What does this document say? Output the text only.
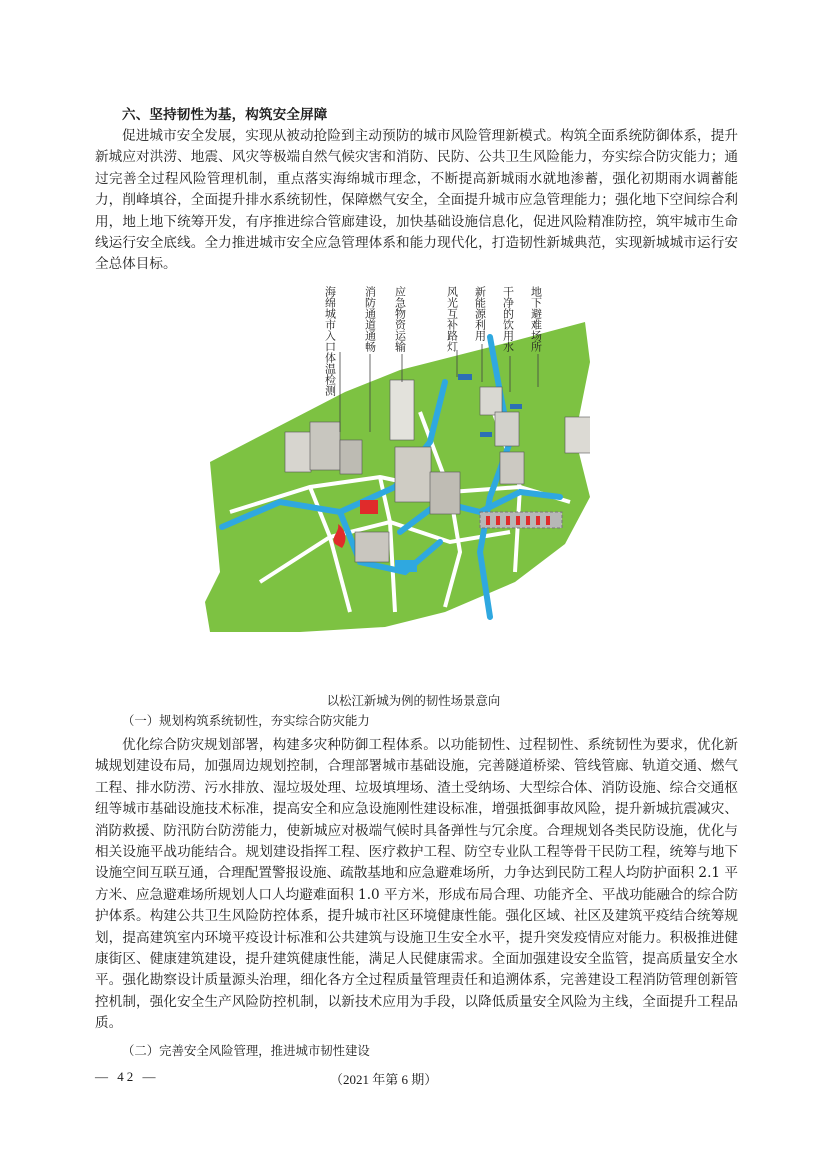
六、坚持韧性为基，构筑安全屏障

促进城市安全发展，实现从被动抢险到主动预防的城市风险管理新模式。构筑全面系统防御体系，提升新城应对洪涝、地震、风灾等极端自然气候灾害和消防、民防、公共卫生风险能力，夯实综合防灾能力；通过完善全过程风险管理机制，重点落实海绵城市理念，不断提高新城雨水就地渗蓄，强化初期雨水调蓄能力，削峰填谷，全面提升排水系统韧性，保障燃气安全，全面提升城市应急管理能力；强化地下空间综合利用，地上地下统筹开发，有序推进综合管廊建设，加快基础设施信息化，促进风险精准防控，筑牢城市生命线运行安全底线。全力推进城市安全应急管理体系和能力现代化，打造韧性新城典范，实现新城城市运行安全总体目标。

海绵城市入口体温检测 消防通道通畅 应急物资运输	风光互补路灯 新能源利用 干净的饮用水 地下避难场所
以松江新城为例的韧性场景意向
（一）规划构筑系统韧性，夯实综合防灾能力

优化综合防灾规划部署，构建多灾种防御工程体系。以功能韧性、过程韧性、系统韧性为要求，优化新城规划建设布局，加强周边规划控制，合理部署城市基础设施，完善隧道桥梁、管线管廊、轨道交通、燃气工程、排水防涝、污水排放、湿垃圾处理、垃圾填埋场、渣土受纳场、大型综合体、消防设施、综合交通枢纽等城市基础设施技术标准，提高安全和应急设施刚性建设标准，增强抵御事故风险，提升新城抗震减灾、消防救援、防汛防台防涝能力，使新城应对极端气候时具备弹性与冗余度。合理规划各类民防设施，优化与相关设施平战功能结合。规划建设指挥工程、医疗救护工程、防空专业队工程等骨干民防工程，统筹与地下设施空间互联互通，合理配置警报设施、疏散基地和应急避难场所，力争达到民防工程人均防护面积 2.1 平方米、应急避难场所规划人口人均避难面积 1.0 平方米，形成布局合理、功能齐全、平战功能融合的综合防护体系。构建公共卫生风险防控体系，提升城市社区环境健康性能。强化区域、社区及建筑平疫结合统筹规划，提高建筑室内环境平疫设计标准和公共建筑与设施卫生安全水平，提升突发疫情应对能力。积极推进健康街区、健康建筑建设，提升建筑健康性能，满足人民健康需求。全面加强建设安全监管，提高质量安全水平。强化勘察设计质量源头治理，细化各方全过程质量管理责任和追溯体系，完善建设工程消防管理创新管控机制，强化安全生产风险防控机制，以新技术应用为手段，以降低质量安全风险为主线，全面提升工程品质。

（二）完善安全风险管理，推进城市韧性建设
— 42 —	（2021 年第 6 期）
